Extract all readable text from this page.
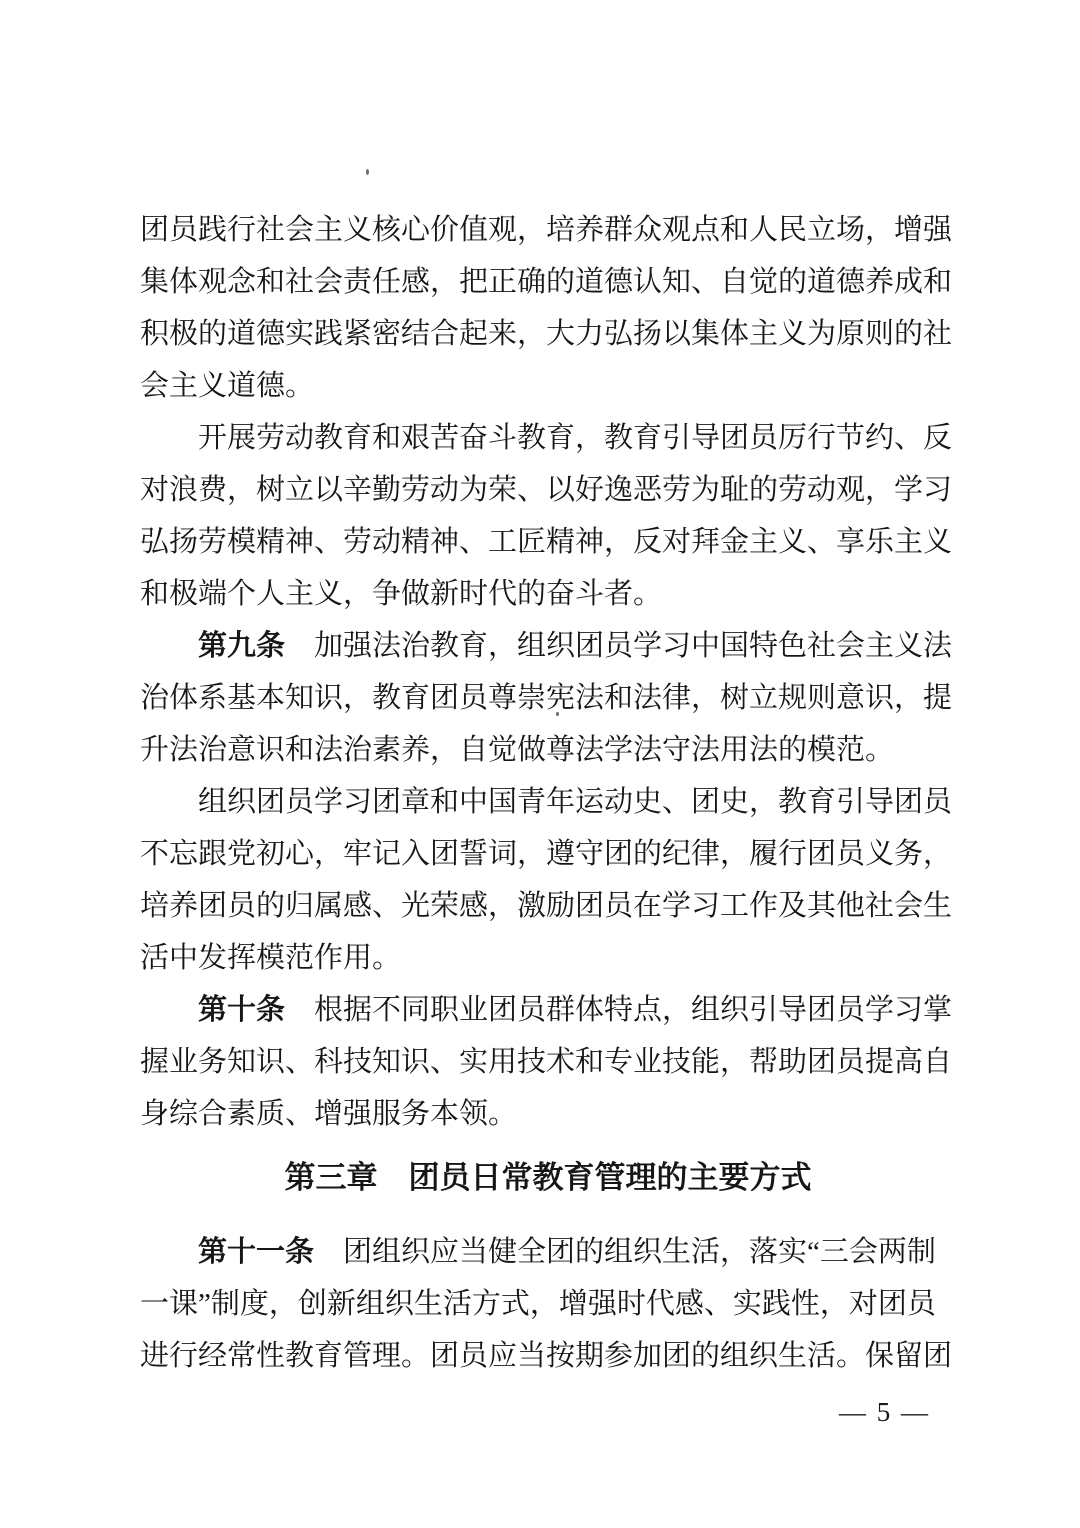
团员践行社会主义核心价值观，培养群众观点和人民立场，增强
集体观念和社会责任感，把正确的道德认知、自觉的道德养成和
积极的道德实践紧密结合起来，大力弘扬以集体主义为原则的社
会主义道德。
　　开展劳动教育和艰苦奋斗教育，教育引导团员厉行节约、反
对浪费，树立以辛勤劳动为荣、以好逸恶劳为耻的劳动观，学习
弘扬劳模精神、劳动精神、工匠精神，反对拜金主义、享乐主义
和极端个人主义，争做新时代的奋斗者。
　　第九条　加强法治教育，组织团员学习中国特色社会主义法
治体系基本知识，教育团员尊崇宪法和法律，树立规则意识，提
升法治意识和法治素养，自觉做尊法学法守法用法的模范。
　　组织团员学习团章和中国青年运动史、团史，教育引导团员
不忘跟党初心，牢记入团誓词，遵守团的纪律，履行团员义务，
培养团员的归属感、光荣感，激励团员在学习工作及其他社会生
活中发挥模范作用。
　　第十条　根据不同职业团员群体特点，组织引导团员学习掌
握业务知识、科技知识、实用技术和专业技能，帮助团员提高自
身综合素质、增强服务本领。
第三章　团员日常教育管理的主要方式
　　第十一条　团组织应当健全团的组织生活，落实“三会两制
一课”制度，创新组织生活方式，增强时代感、实践性，对团员
进行经常性教育管理。团员应当按期参加团的组织生活。保留团
— 5 —
